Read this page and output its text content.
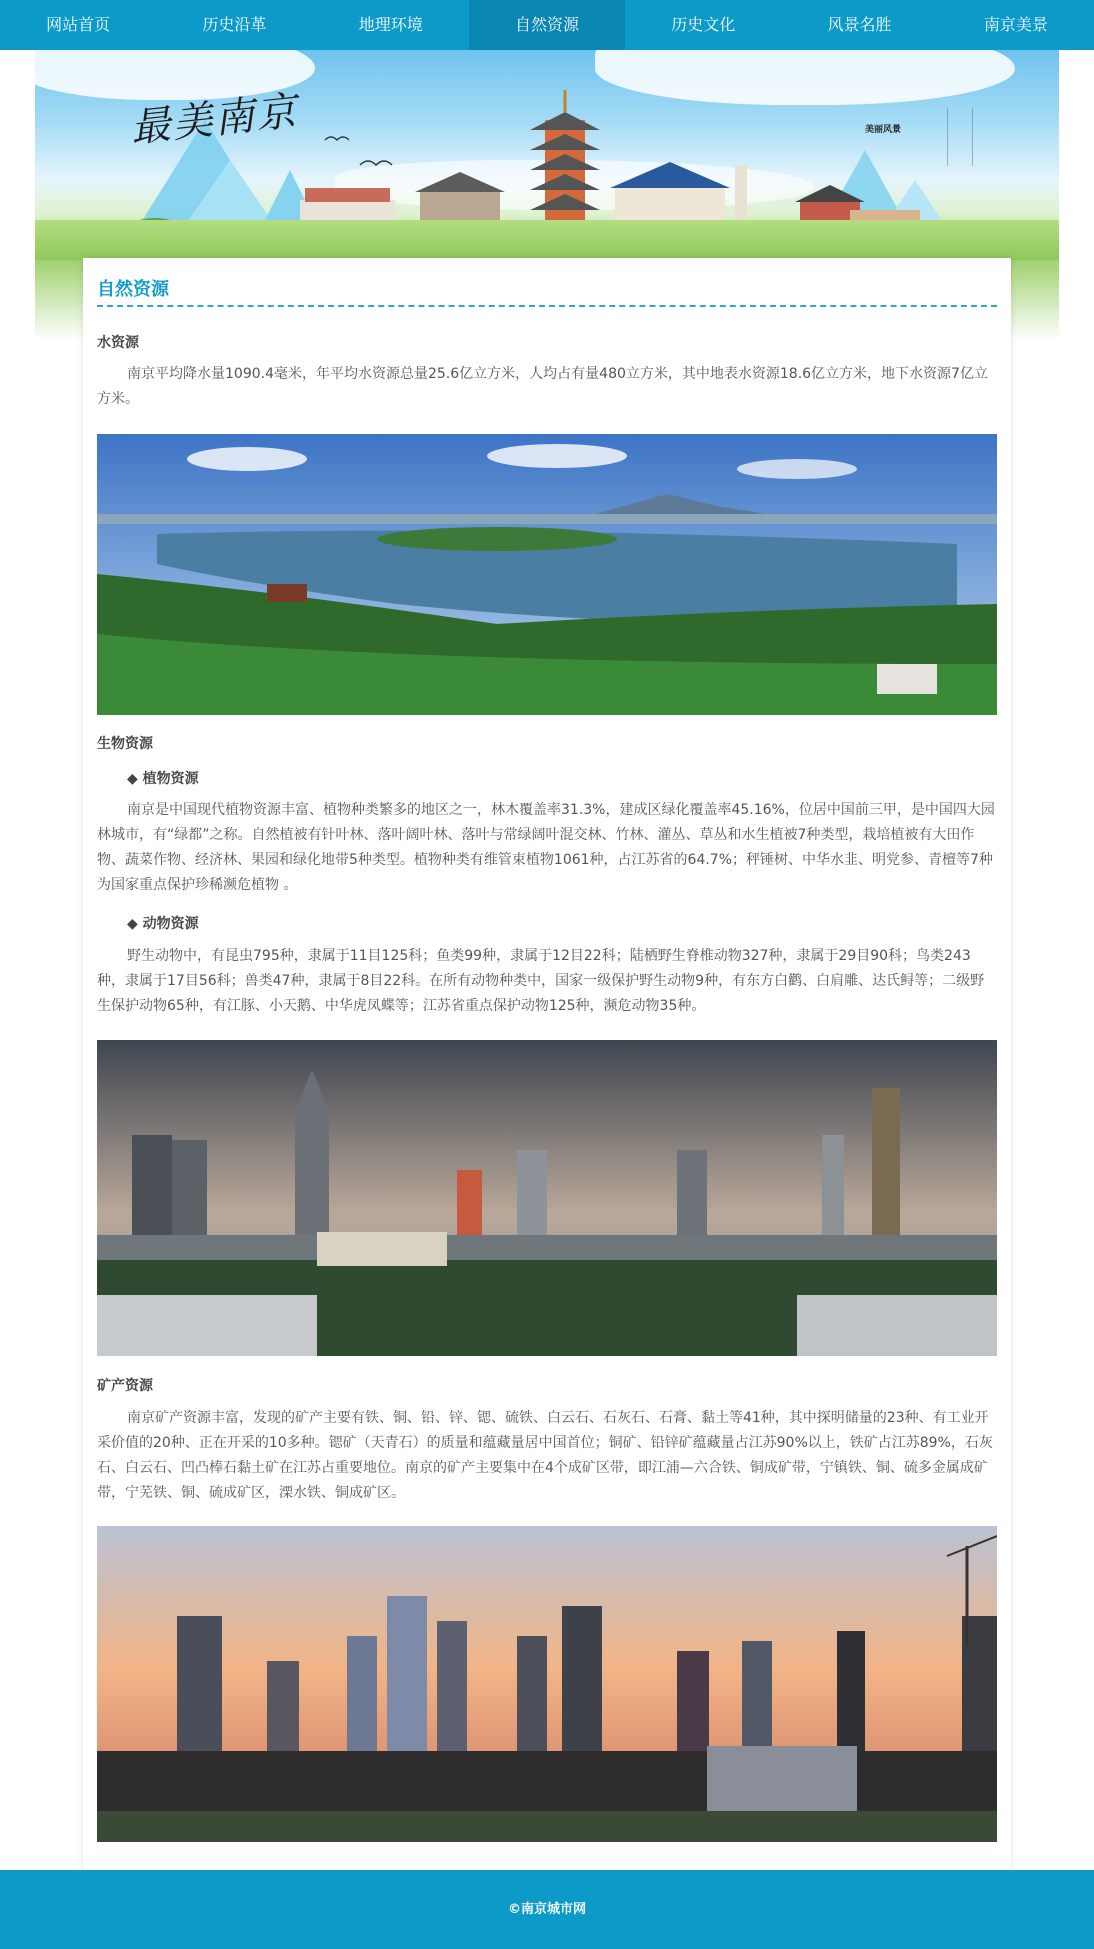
网站首页	历史沿革	地理环境	自然资源	历史文化	风景名胜	南京美景
最美南京	美丽风景
自然资源
水资源
南京平均降水量1090.4毫米，年平均水资源总量25.6亿立方米，人均占有量480立方米，其中地表水资源18.6亿立方米，地下水资源7亿立方米。
生物资源
◆ 植物资源
南京是中国现代植物资源丰富、植物种类繁多的地区之一，林木覆盖率31.3%，建成区绿化覆盖率45.16%，位居中国前三甲，是中国四大园林城市，有“绿都”之称。自然植被有针叶林、落叶阔叶林、落叶与常绿阔叶混交林、竹林、灌丛、草丛和水生植被7种类型，栽培植被有大田作物、蔬菜作物、经济林、果园和绿化地带5种类型。植物种类有维管束植物1061种，占江苏省的64.7%；秤锤树、中华水韭、明党参、青檀等7种为国家重点保护珍稀濒危植物 。
◆ 动物资源
野生动物中，有昆虫795种，隶属于11目125科；鱼类99种，隶属于12目22科；陆栖野生脊椎动物327种，隶属于29目90科；鸟类243种，隶属于17目56科；兽类47种，隶属于8目22科。在所有动物种类中，国家一级保护野生动物9种，有东方白鹳、白肩雕、达氏鲟等；二级野生保护动物65种，有江豚、小天鹅、中华虎凤蝶等；江苏省重点保护动物125种，濒危动物35种。
矿产资源
南京矿产资源丰富，发现的矿产主要有铁、铜、铅、锌、锶、硫铁、白云石、石灰石、石膏、黏土等41种，其中探明储量的23种、有工业开采价值的20种、正在开采的10多种。锶矿（天青石）的质量和蕴藏量居中国首位；铜矿、铅锌矿蕴藏量占江苏90%以上，铁矿占江苏89%，石灰石、白云石、凹凸棒石黏土矿在江苏占重要地位。南京的矿产主要集中在4个成矿区带，即江浦—六合铁、铜成矿带，宁镇铁、铜、硫多金属成矿带，宁芜铁、铜、硫成矿区，溧水铁、铜成矿区。
©南京城市网
